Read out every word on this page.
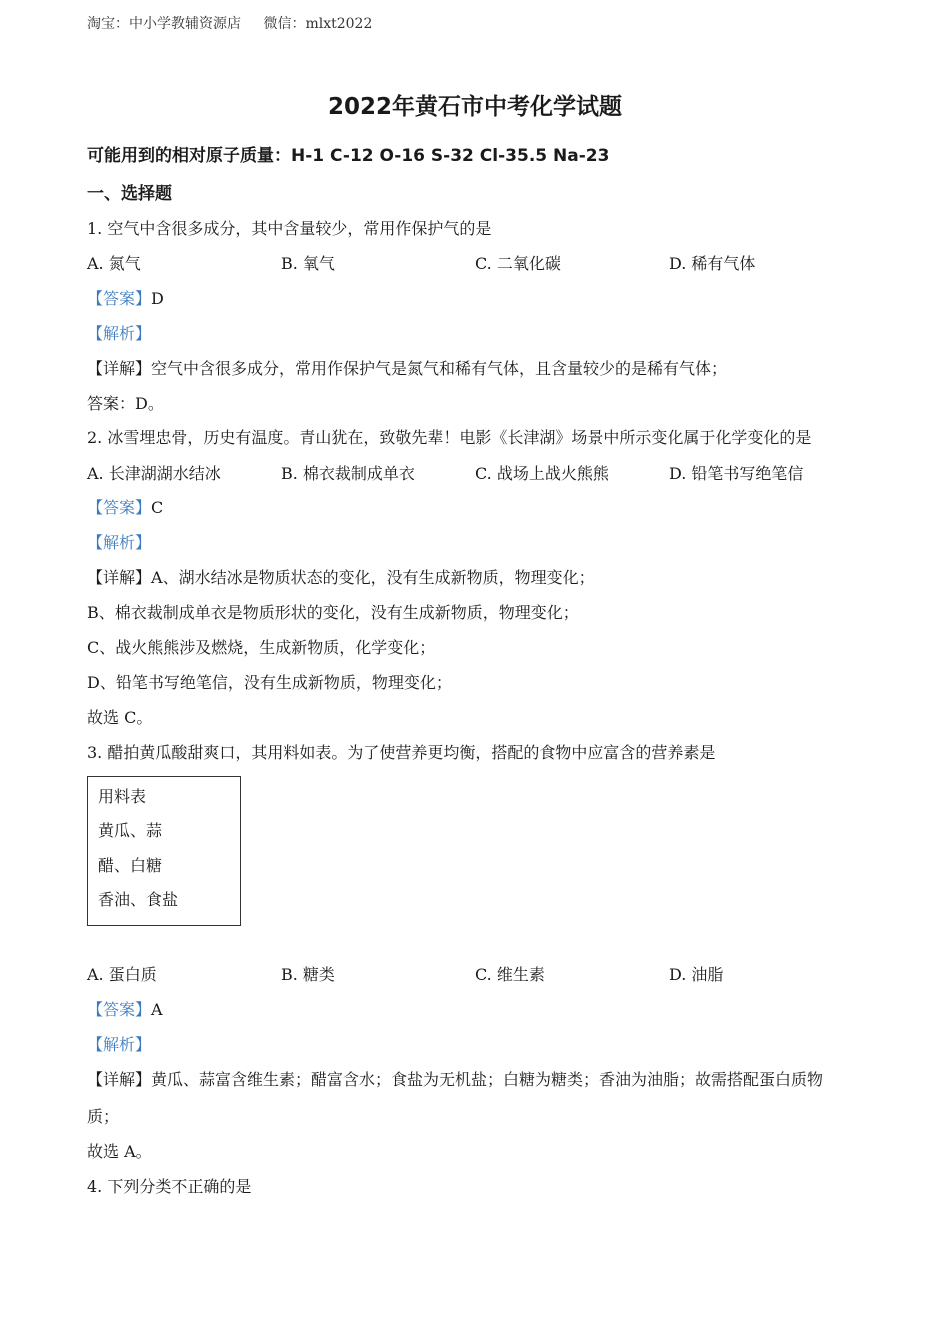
淘宝：中小学教辅资源店 微信：mlxt2022
2022年黄石市中考化学试题
可能用到的相对原子质量：H-1 C-12 O-16 S-32 Cl-35.5 Na-23
一、选择题
1. 空气中含很多成分，其中含量较少，常用作保护气的是
A. 氮气	B. 氧气	C. 二氧化碳	D. 稀有气体
【答案】D
【解析】
【详解】空气中含很多成分，常用作保护气是氮气和稀有气体，且含量较少的是稀有气体；
答案：D。
2. 冰雪埋忠骨，历史有温度。青山犹在，致敬先辈！电影《长津湖》场景中所示变化属于化学变化的是
A. 长津湖湖水结冰	B. 棉衣裁制成单衣	C. 战场上战火熊熊	D. 铅笔书写绝笔信
【答案】C
【解析】
【详解】A、湖水结冰是物质状态的变化，没有生成新物质，物理变化；
B、棉衣裁制成单衣是物质形状的变化，没有生成新物质，物理变化；
C、战火熊熊涉及燃烧，生成新物质，化学变化；
D、铅笔书写绝笔信，没有生成新物质，物理变化；
故选 C。
3. 醋拍黄瓜酸甜爽口，其用料如表。为了使营养更均衡，搭配的食物中应富含的营养素是
用料表
黄瓜、蒜
醋、白糖
香油、食盐
A. 蛋白质	B. 糖类	C. 维生素	D. 油脂
【答案】A
【解析】
【详解】黄瓜、蒜富含维生素；醋富含水；食盐为无机盐；白糖为糖类；香油为油脂；故需搭配蛋白质物
质；
故选 A。
4. 下列分类不正确的是
